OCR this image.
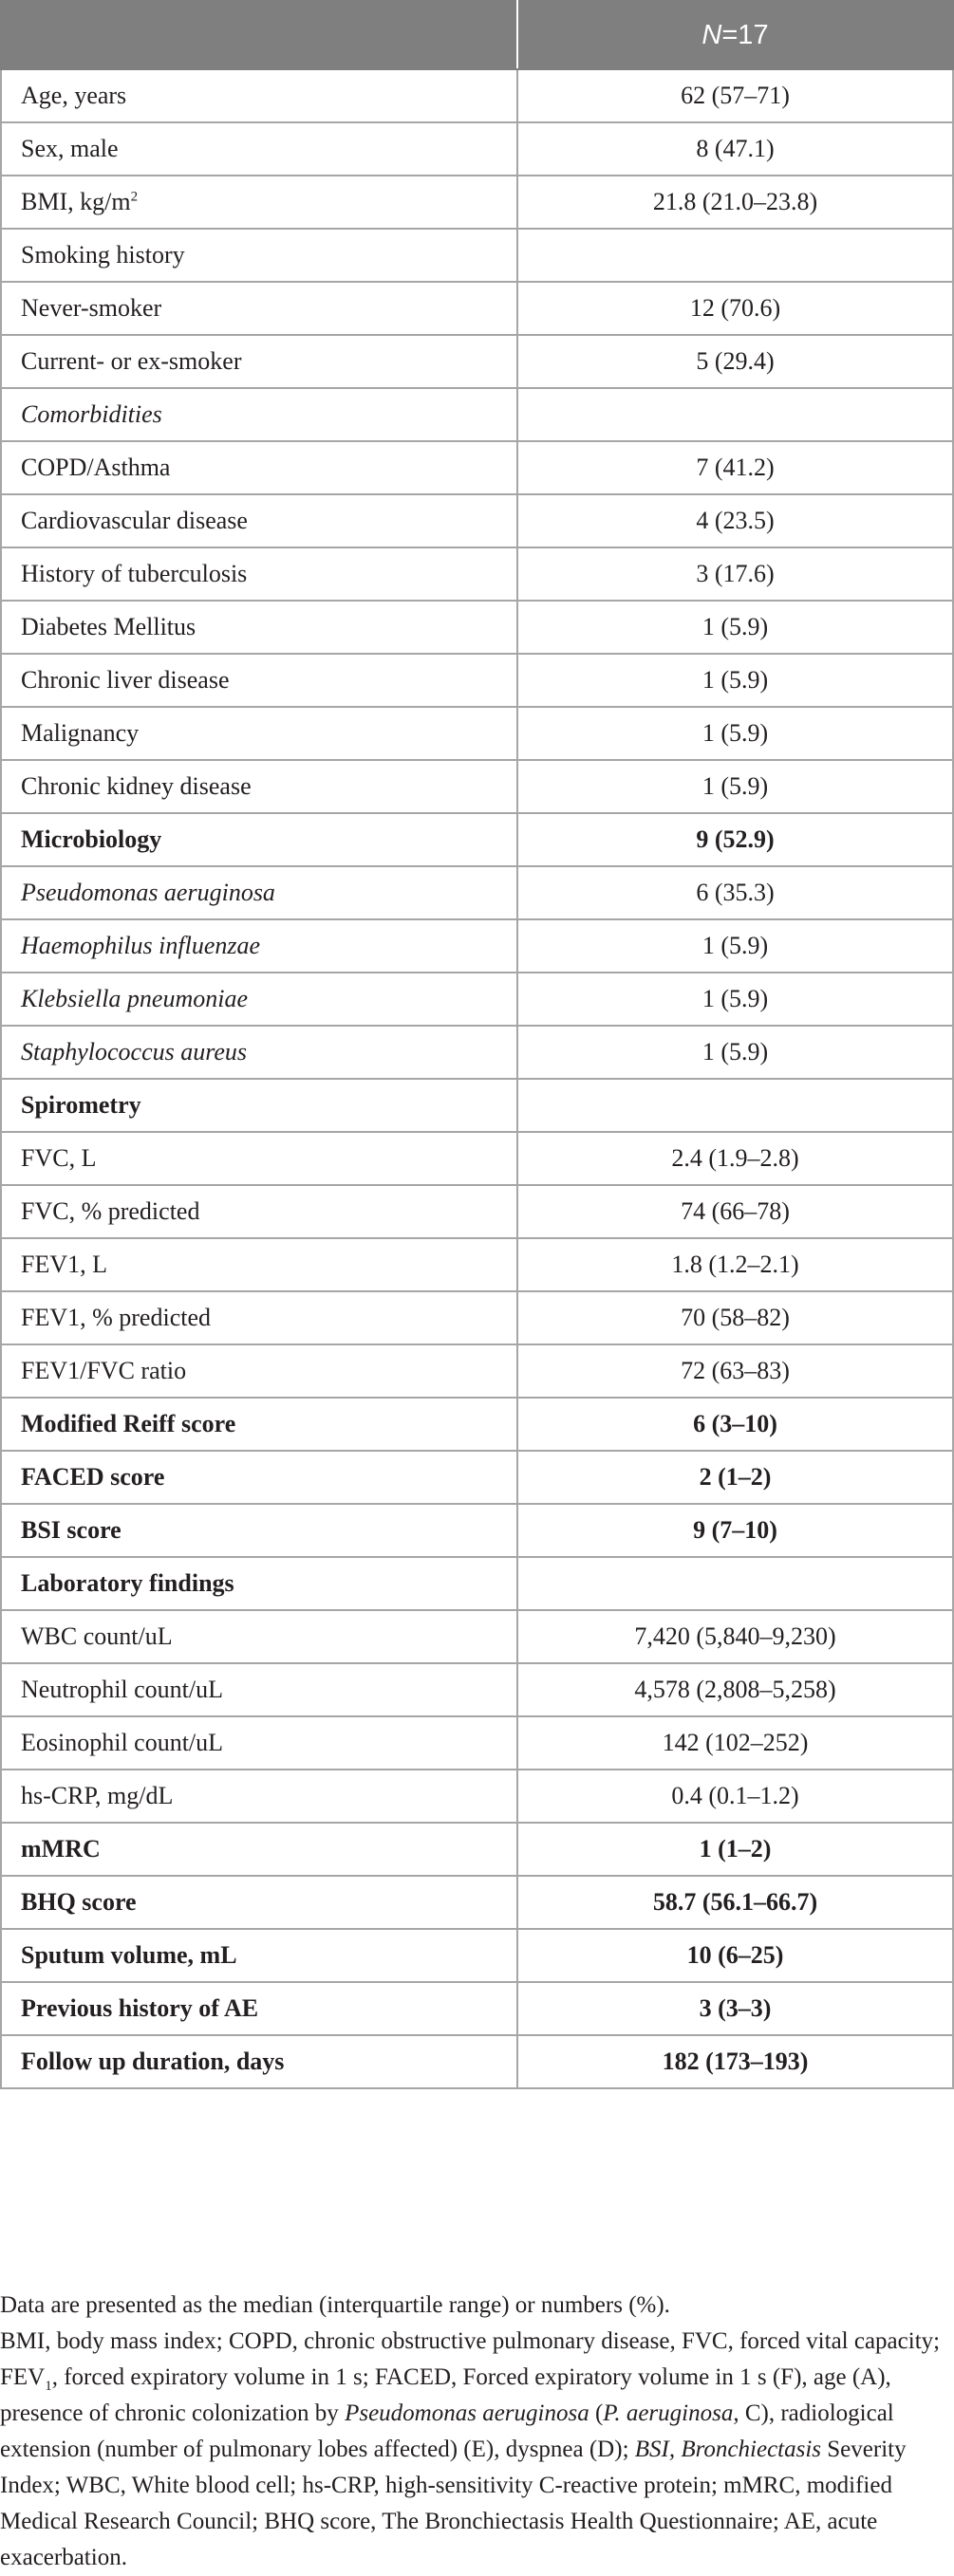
	N=17
Age, years	62 (57–71)
Sex, male	8 (47.1)
BMI, $kg/m^2$	21.8 (21.0–23.8)
Smoking history	
Never-smoker	12 (70.6)
Current- or ex-smoker	5 (29.4)
Comorbidities	
COPD/Asthma	7 (41.2)
Cardiovascular disease	4 (23.5)
History of tuberculosis	3 (17.6)
Diabetes Mellitus	1 (5.9)
Chronic liver disease	1 (5.9)
Malignancy	1 (5.9)
Chronic kidney disease	1 (5.9)
Microbiology	9 (52.9)
Pseudomonas aeruginosa	6 (35.3)
Haemophilus influenzae	1 (5.9)
Klebsiella pneumoniae	1 (5.9)
Staphylococcus aureus	1 (5.9)
Spirometry	
FVC, L	2.4 (1.9–2.8)
FVC, % predicted	74 (66–78)
FEV1, L	1.8 (1.2–2.1)
FEV1, % predicted	70 (58–82)
FEV1/FVC ratio	72 (63–83)
Modified Reiff score	6 (3–10)
FACED score	2 (1–2)
BSI score	9 (7–10)
Laboratory findings	
WBC count/uL	7,420 (5,840–9,230)
Neutrophil count/uL	4,578 (2,808–5,258)
Eosinophil count/uL	142 (102–252)
hs-CRP, mg/dL	0.4 (0.1–1.2)
mMRC	1 (1–2)
BHQ score	58.7 (56.1–66.7)
Sputum volume, mL	10 (6–25)
Previous history of AE	3 (3–3)
Follow up duration, days	182 (173–193)

Data are presented as the median (interquartile range) or numbers (%).

BMI, body mass index; COPD, chronic obstructive pulmonary disease, FVC, forced vital capacity; $FEV_1$, forced expiratory volume in 1 s; FACED, Forced expiratory volume in 1 s (F), age (A), presence of chronic colonization by Pseudomonas aeruginosa (P. aeruginosa, C), radiological extension (number of pulmonary lobes affected) (E), dyspnea (D); BSI, Bronchiectasis Severity Index; WBC, White blood cell; hs-CRP, high-sensitivity C-reactive protein; mMRC, modified Medical Research Council; BHQ score, The Bronchiectasis Health Questionnaire; AE, acute exacerbation.
